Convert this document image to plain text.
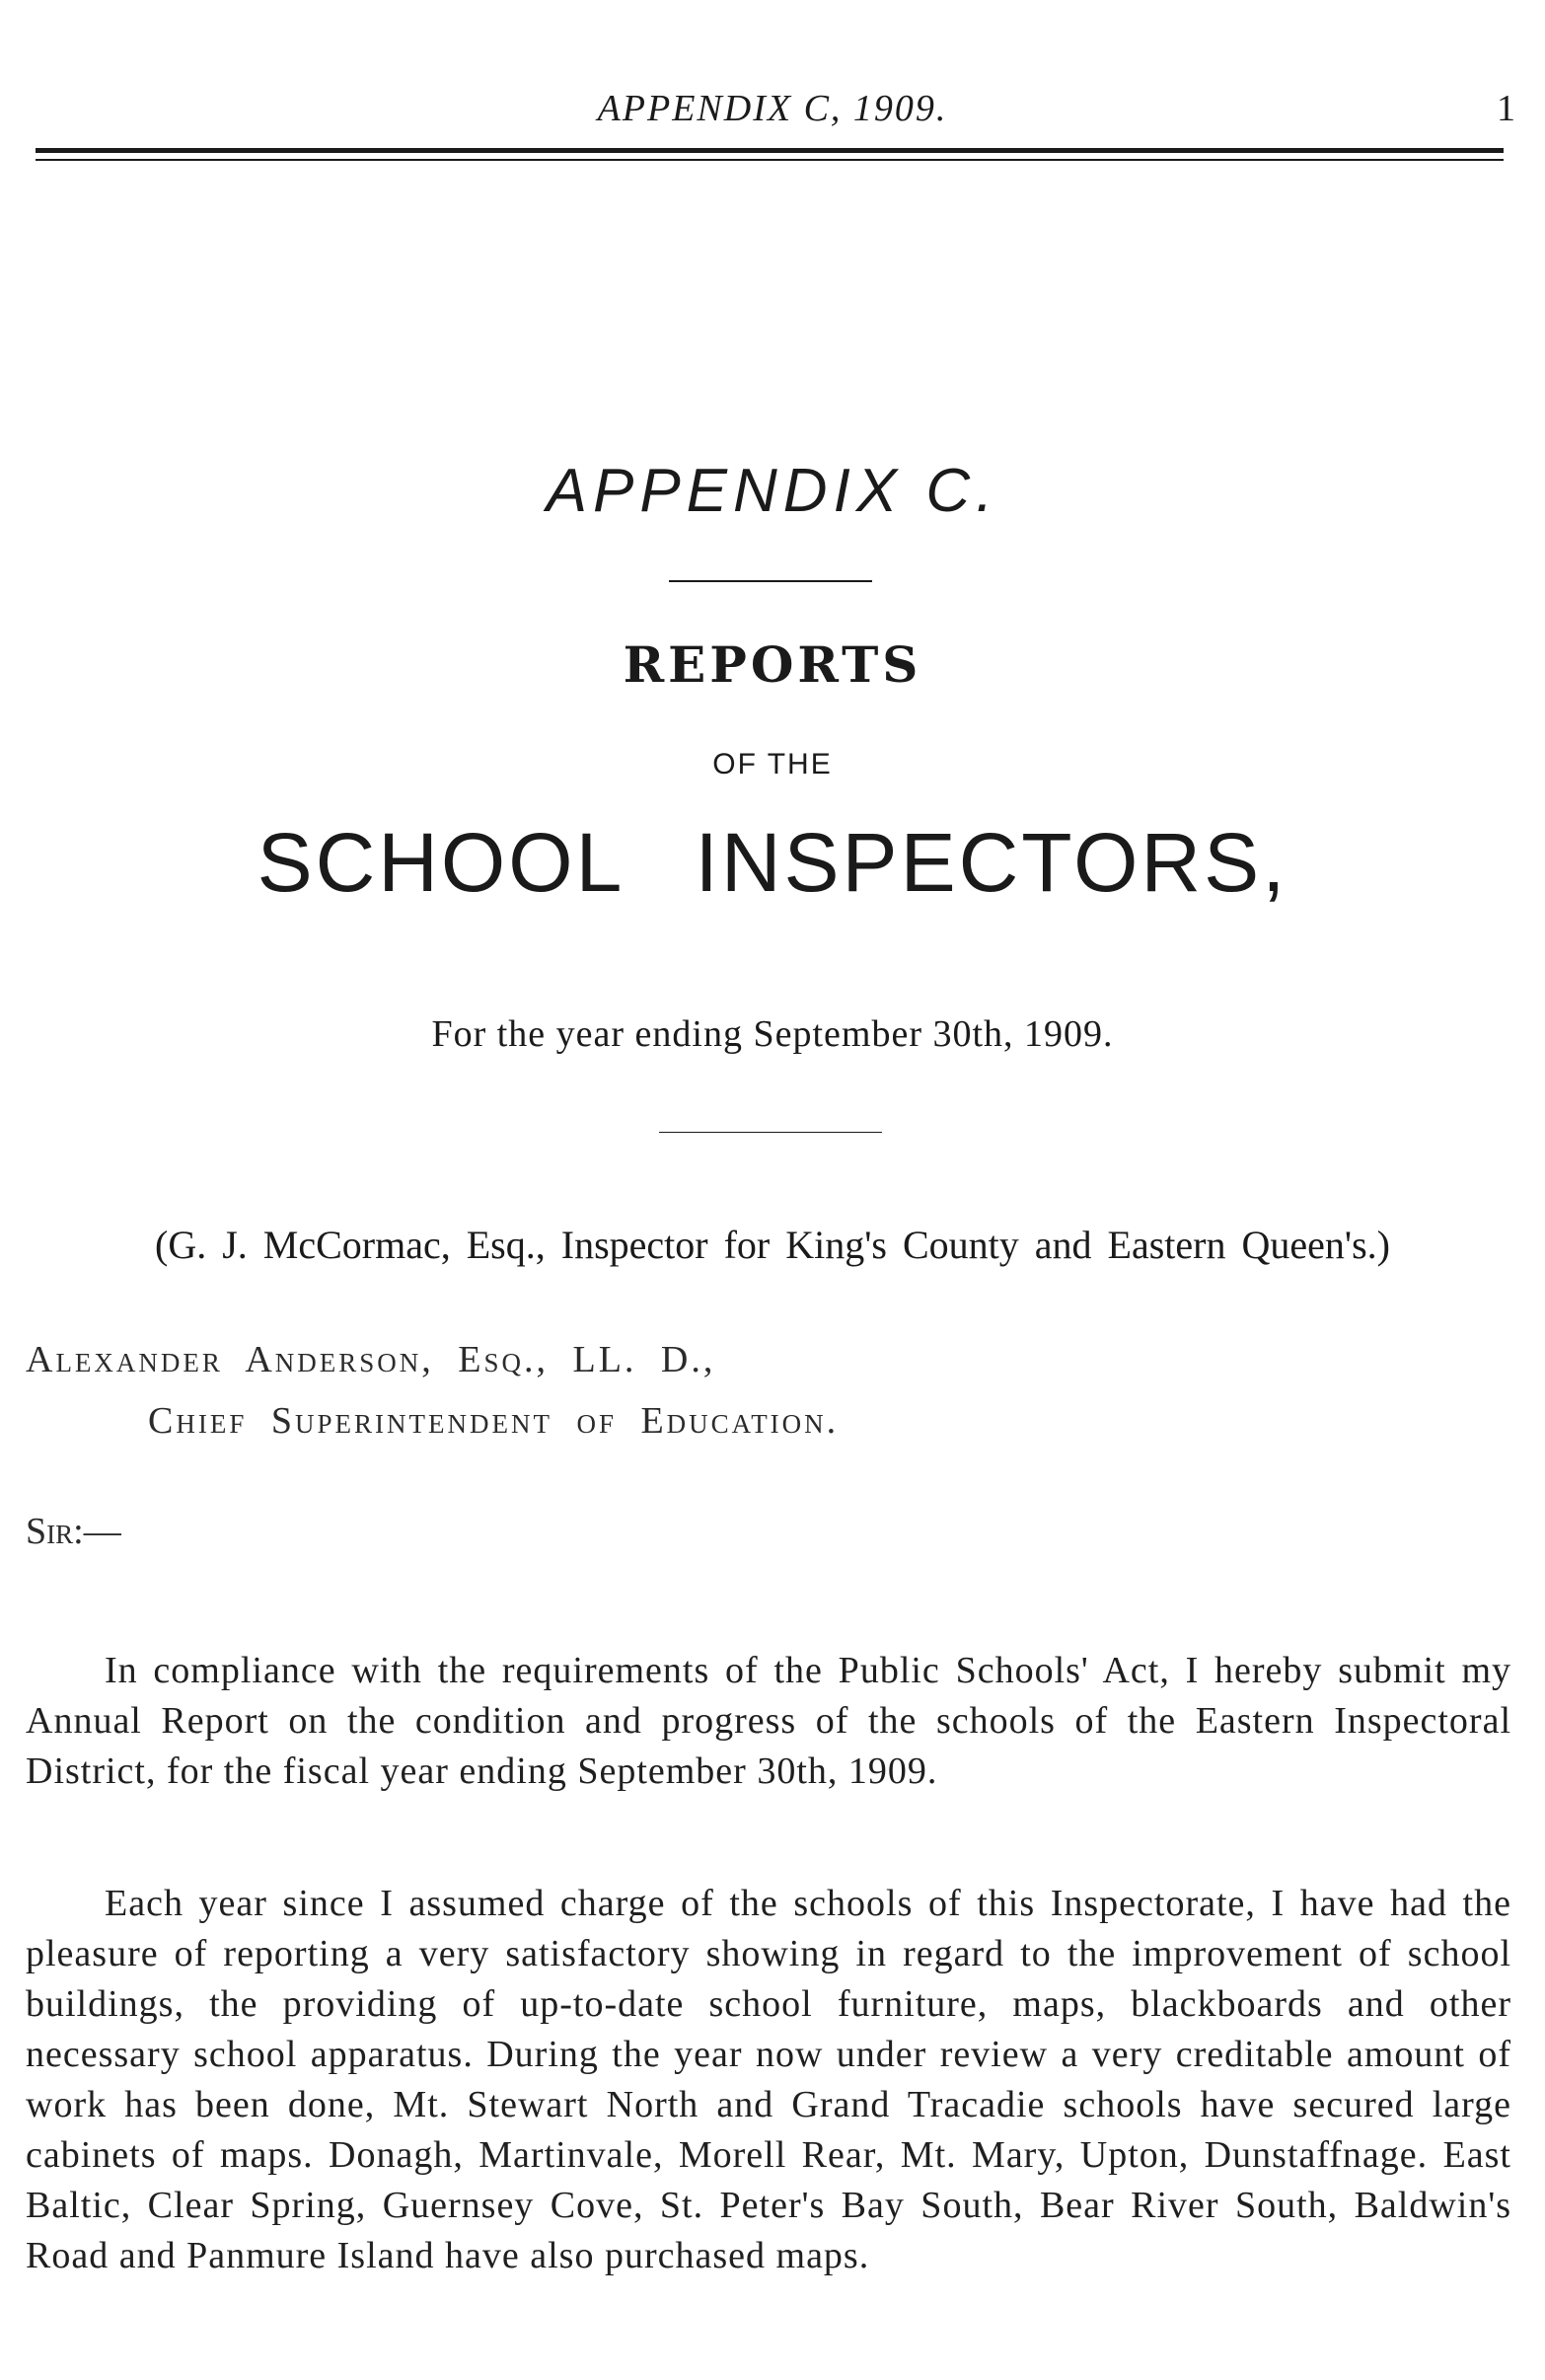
APPENDIX C, 1909.	1
APPENDIX C.
REPORTS
OF THE
SCHOOL INSPECTORS,
For the year ending September 30th, 1909.
(G. J. McCormac, Esq., Inspector for King's County and Eastern Queen's.)
Alexander Anderson, Esq., LL. D.,
Chief Superintendent of Education.
Sir:—

In compliance with the requirements of the Public Schools' Act, I hereby submit my Annual Report on the condition and progress of the schools of the Eastern Inspectoral District, for the fiscal year ending September 30th, 1909.

Each year since I assumed charge of the schools of this Inspectorate, I have had the pleasure of reporting a very satisfactory showing in regard to the improvement of school buildings, the providing of up-to-date school furniture, maps, blackboards and other necessary school apparatus. During the year now under review a very creditable amount of work has been done, Mt. Stewart North and Grand Tracadie schools have secured large cabinets of maps. Donagh, Martinvale, Morell Rear, Mt. Mary, Upton, Dunstaffnage. East Baltic, Clear Spring, Guernsey Cove, St. Peter's Bay South, Bear River South, Baldwin's Road and Panmure Island have also purchased maps.
